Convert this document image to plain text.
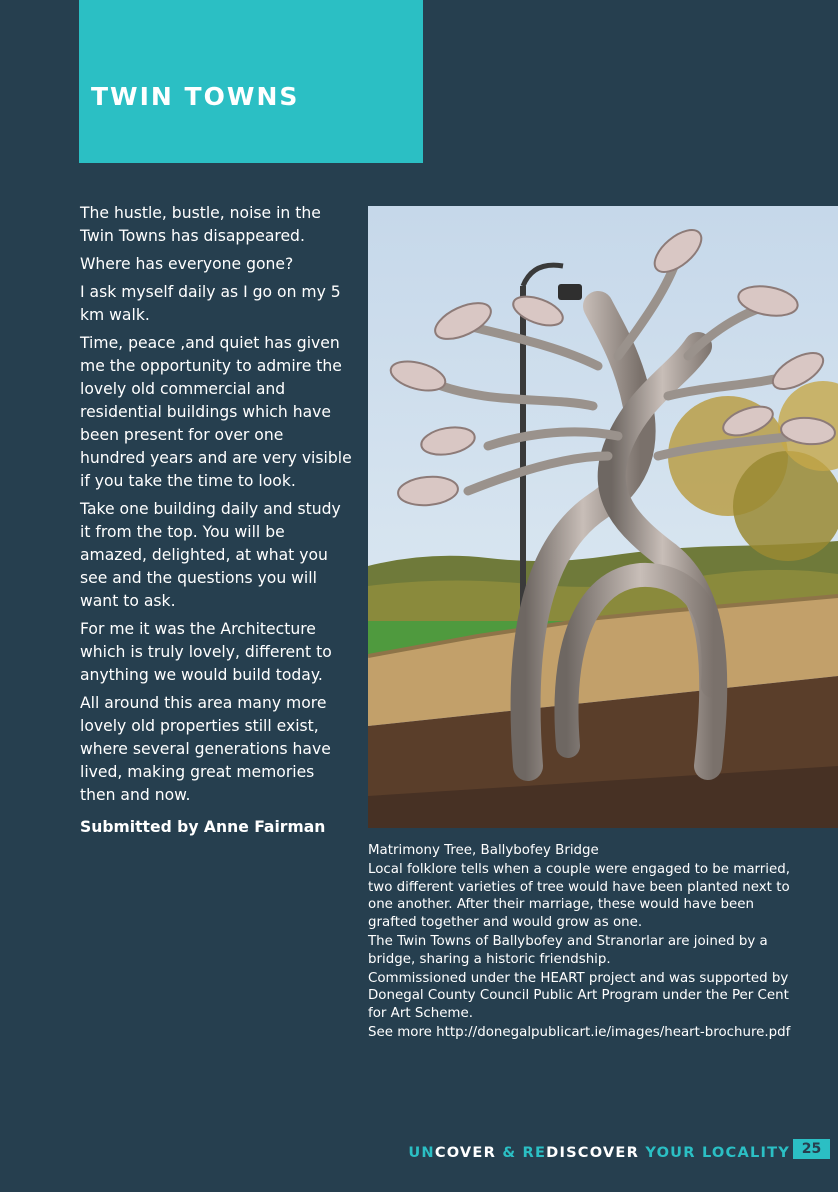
TWIN TOWNS

The hustle, bustle, noise in the Twin Towns has disappeared.

Where has everyone gone?

I ask myself daily as I go on my 5 km walk.

Time, peace ,and quiet has given me the opportunity to admire the lovely old commercial and residential buildings which have been present for over one hundred years and are very visible if you take the time to look.

Take one building daily and study it from the top. You will be amazed, delighted, at what you see and the questions you will want to ask.

For me it was the Architecture which is truly lovely, different to anything we would build today.

All around this area many more lovely old properties still exist, where several generations have lived, making great memories then and now.

Submitted by Anne Fairman

Matrimony Tree, Ballybofey Bridge

Local folklore tells when a couple were engaged to be married, two different varieties of tree would have been planted next to one another. After their marriage, these would have been grafted together and would grow as one.

The Twin Towns of Ballybofey and Stranorlar are joined by a bridge, sharing a historic friendship.

Commissioned under the HEART project and was supported by Donegal County Council Public Art Program under the Per Cent for Art Scheme.

See more http://donegalpublicart.ie/images/heart-brochure.pdf

UNCOVER & REDISCOVER YOUR LOCALITY 25
